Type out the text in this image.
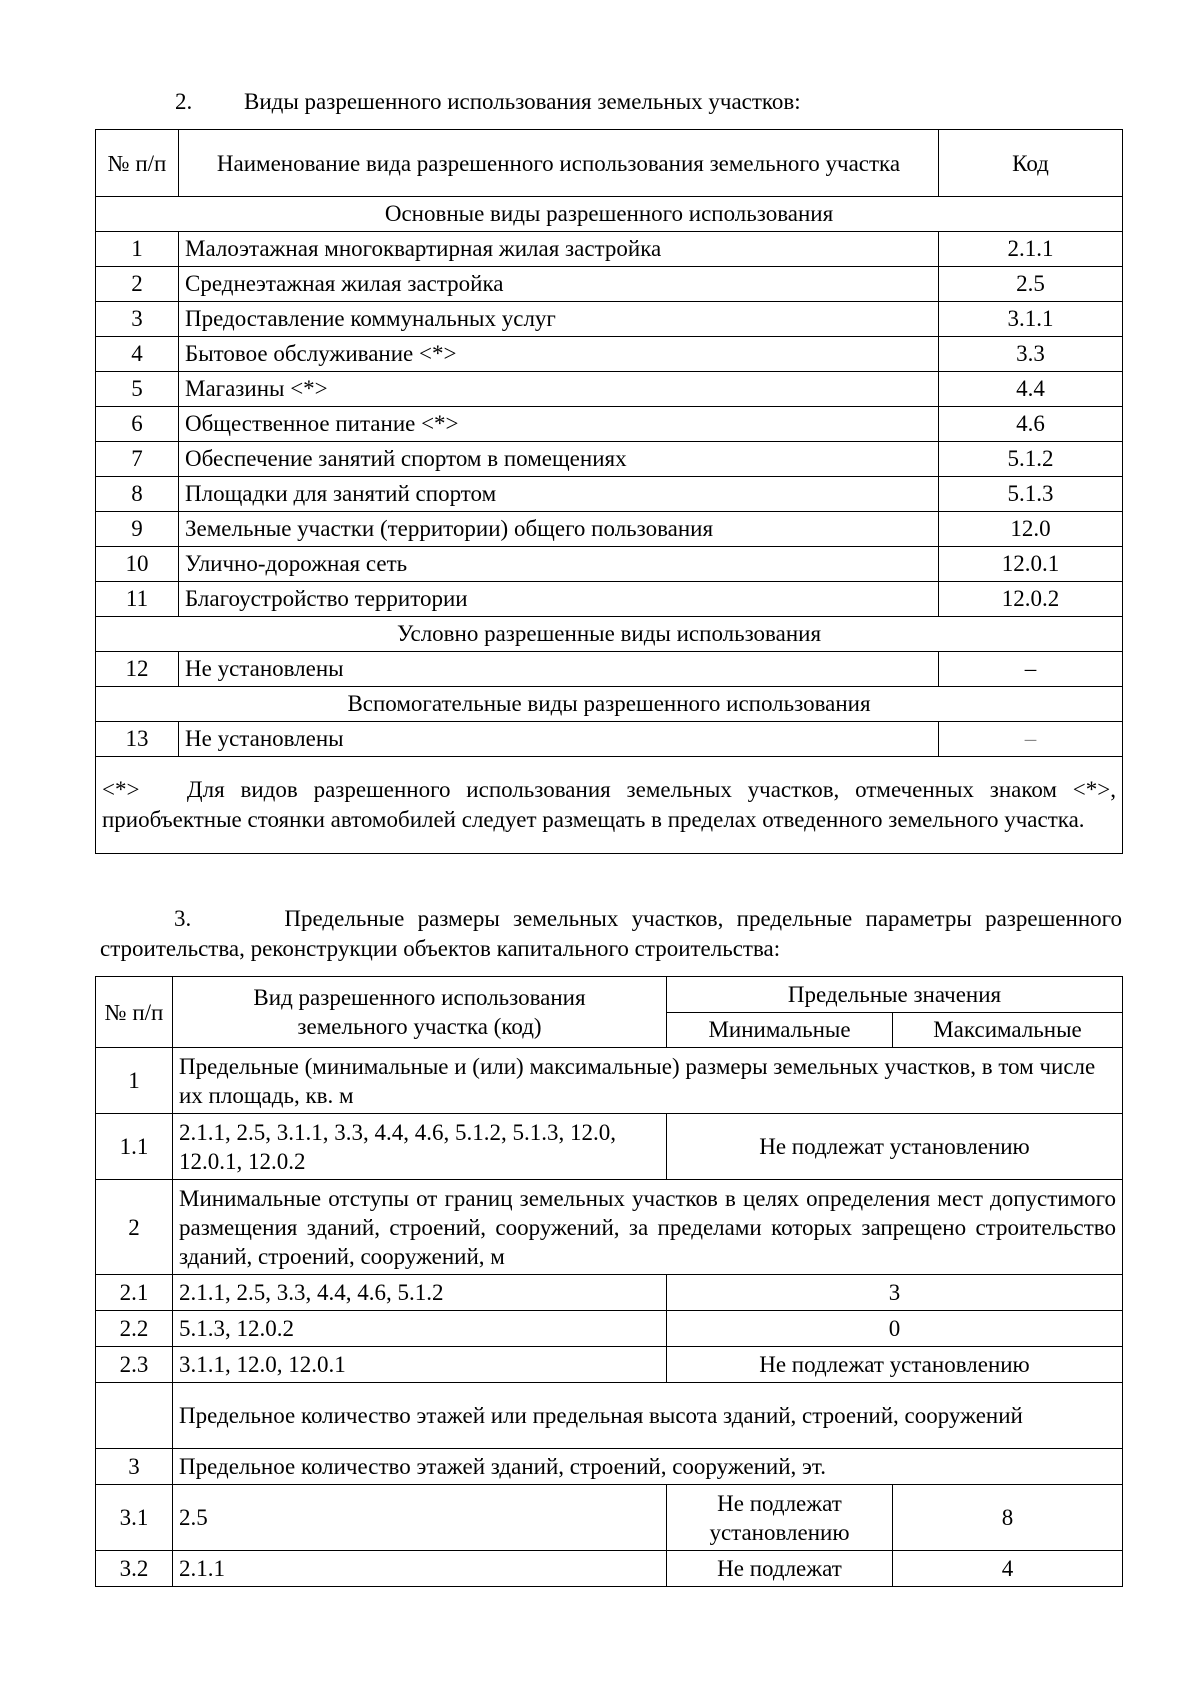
2. Виды разрешенного использования земельных участков:
№ п/п	Наименование вида разрешенного использования земельного участка	Код
Основные виды разрешенного использования		
1	Малоэтажная многоквартирная жилая застройка	2.1.1
2	Среднеэтажная жилая застройка	2.5
3	Предоставление коммунальных услуг	3.1.1
4	Бытовое обслуживание <*>	3.3
5	Магазины <*>	4.4
6	Общественное питание <*>	4.6
7	Обеспечение занятий спортом в помещениях	5.1.2
8	Площадки для занятий спортом	5.1.3
9	Земельные участки (территории) общего пользования	12.0
10	Улично-дорожная сеть	12.0.1
11	Благоустройство территории	12.0.2
Условно разрешенные виды использования		
12	Не установлены	–
Вспомогательные виды разрешенного использования		
13	Не установлены	–
<*>   Для видов разрешенного использования земельных участков, отмеченных знаком <*>, приобъектные стоянки автомобилей следует размещать в пределах отведенного земельного участка.		
3.	Предельные размеры земельных участков, предельные параметры разрешенного строительства, реконструкции объектов капитального строительства:
№ п/п	Вид разрешенного использования земельного участка (код)	Предельные значения	
		Минимальные	Максимальные
1	Предельные (минимальные и (или) максимальные) размеры земельных участков, в том числе их площадь, кв. м		
1.1	2.1.1, 2.5, 3.1.1, 3.3, 4.4, 4.6, 5.1.2, 5.1.3, 12.0, 12.0.1, 12.0.2	Не подлежат установлению	
2	Минимальные отступы от границ земельных участков в целях определения мест допустимого размещения зданий, строений, сооружений, за пределами которых запрещено строительство зданий, строений, сооружений, м		
2.1	2.1.1, 2.5, 3.3, 4.4, 4.6, 5.1.2	3	
2.2	5.1.3, 12.0.2	0	
2.3	3.1.1, 12.0, 12.0.1	Не подлежат установлению	
	Предельное количество этажей или предельная высота зданий, строений, сооружений		
3	Предельное количество этажей зданий, строений, сооружений, эт.		
3.1	2.5	Не подлежат установлению	8
3.2	2.1.1	Не подлежат	4
